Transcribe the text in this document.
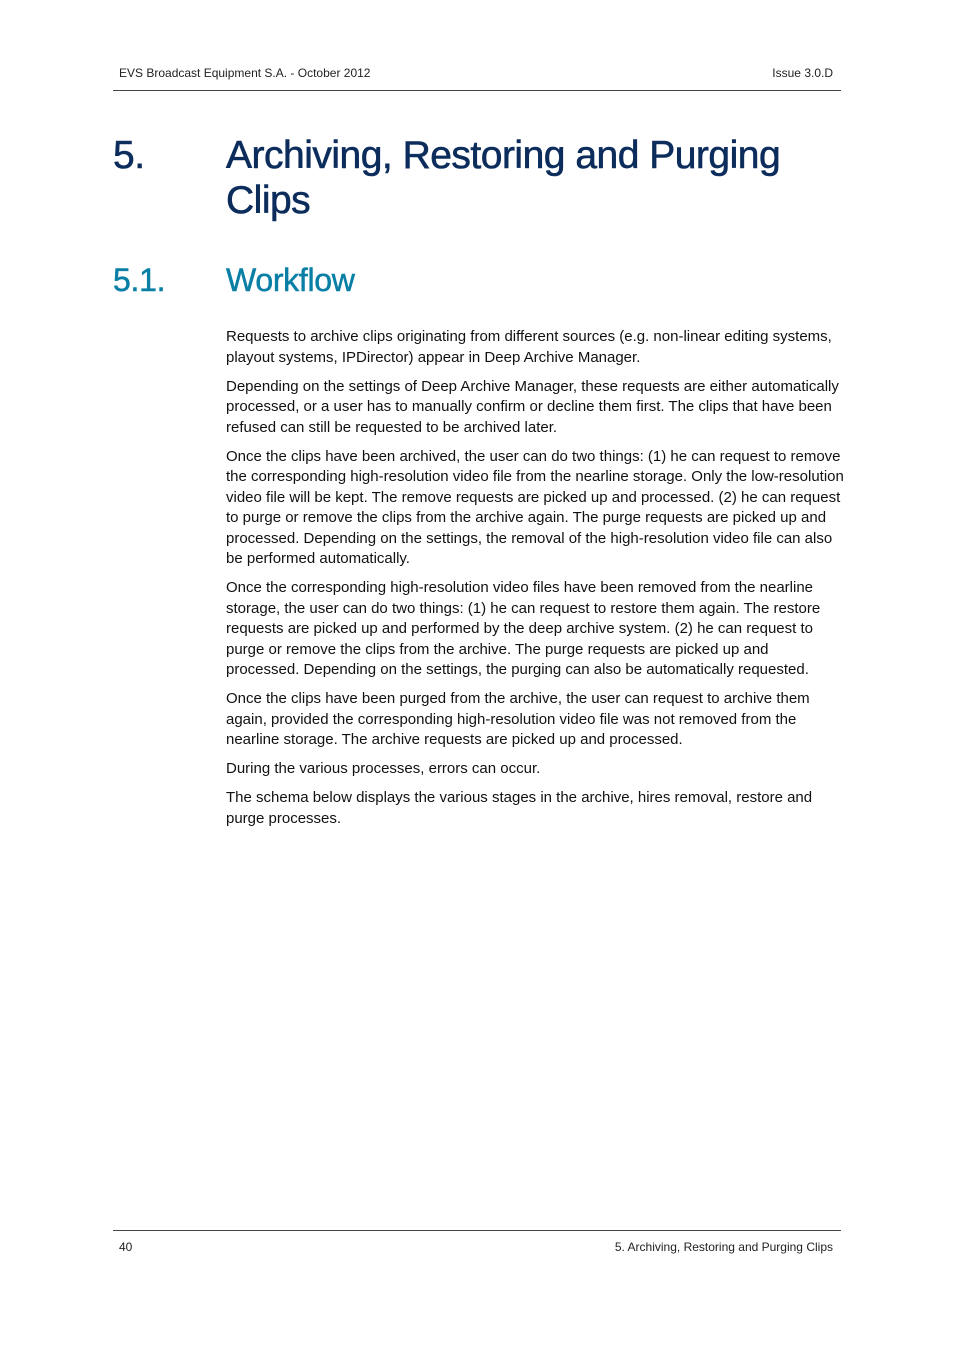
EVS Broadcast Equipment S.A. - October 2012	Issue 3.0.D
5. Archiving, Restoring and Purging Clips
5.1. Workflow

Requests to archive clips originating from different sources (e.g. non-linear editing systems, playout systems, IPDirector) appear in Deep Archive Manager.

Depending on the settings of Deep Archive Manager, these requests are either automatically processed, or a user has to manually confirm or decline them first. The clips that have been refused can still be requested to be archived later.

Once the clips have been archived, the user can do two things: (1) he can request to remove the corresponding high-resolution video file from the nearline storage. Only the low-resolution video file will be kept. The remove requests are picked up and processed. (2) he can request to purge or remove the clips from the archive again. The purge requests are picked up and processed. Depending on the settings, the removal of the high-resolution video file can also be performed automatically.

Once the corresponding high-resolution video files have been removed from the nearline storage, the user can do two things: (1) he can request to restore them again. The restore requests are picked up and performed by the deep archive system. (2) he can request to purge or remove the clips from the archive. The purge requests are picked up and processed. Depending on the settings, the purging can also be automatically requested.

Once the clips have been purged from the archive, the user can request to archive them again, provided the corresponding high-resolution video file was not removed from the nearline storage. The archive requests are picked up and processed.

During the various processes, errors can occur.

The schema below displays the various stages in the archive, hires removal, restore and purge processes.

40	5. Archiving, Restoring and Purging Clips
